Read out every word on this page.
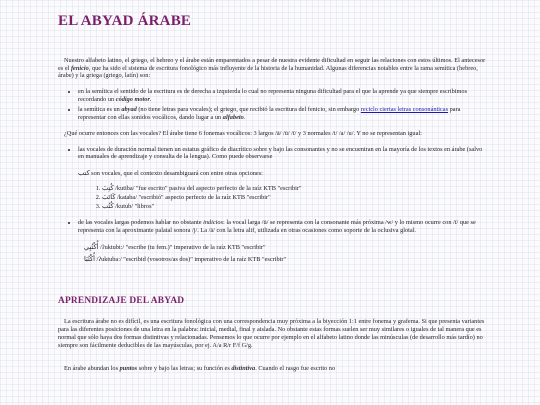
EL ABYAD ÁRABE

Nuestro alfabeto latino, el griego, el hebreo y el árabe están emparentados a pesar de nuestra evidente dificultad en seguir las relaciones con estos últimos. El antecesor es el fenicio, que ha sido el sistema de escritura fonológico más influyente de la historia de la humanidad. Algunas diferencias notables entre la rama semítica (hebreo, árabe) y la griega (griego, latín) son:

• en la semítica el sentido de la escritura es de derecha a izquierda lo cual no representa ninguna dificultad para el que la aprende ya que siempre escribimos recordando un código motor.
• la semítica es un abyad (no tiene letras para vocales); el griego, que recibió la escritura del fenicio, sin embargo reciclo ciertas letras consonánticas para representar con ellas sonidos vocálicos, dando lugar a un alfabeto.

¿Qué ocurre entonces con las vocales? El árabe tiene 6 fonemas vocálicos: 3 largos /ā/ /ū/ /ī/ y 3 normales /i/ /a/ /u/. Y no se representan igual:

• las vocales de duración normal tienen un estatus gráfico de diacrítico sobre y bajo las consonantes y no se encuentran en la mayoría de los textos en árabe (salvo en manuales de aprendizaje y consulta de la lengua). Como puede observarse

كتب son vocales, que el contexto desambiguará con entre otras opciones:

1. كُتِبَ /kutiba/ "fue escrito" pasiva del aspecto perfecto de la raíz KTB "escribir"
2. كَاتَبَ /kataba/ "escribió" aspecto perfecto de la raíz KTB "escribir"
3. كُتُب /kutub/ "libros"
• de las vocales largas podemos hablar no obstante indicios: la vocal larga /ū/ se representa con la consonante más próxima /w/ y lo mismo ocurre con /ī/ que se representa con la aproximante palatal sonora /j/. La /ā/ con la letra alif, utilizada en otras ocasiones como soporte de la oclusiva glotal.

أُكْتُبِي /ʔuktubi:/ "escribe (tu fem.)" imperativo de la raíz KTB "escribir"

أُكْتُبَا /ʔuktuba:/ "escribid (vosotros/as dos)" imperativo de la raíz KTB "escribir"

APRENDIZAJE DEL ABYAD

La escritura árabe no es difícil, es una escritura fonológica con una correspondencia muy próxima a la biyección 1:1 entre fonema y grafema. Si que presenta variantes para las diferentes posiciones de una letra en la palabra: inicial, medial, final y aislada. No obstante estas formas suelen ser muy similares o iguales de tal manera que es normal que sólo haya dos formas distintivas y relacionadas. Pensemos lo que ocurre por ejemplo en el alfabeto latino donde las minúsculas (de desarrollo más tardío) no siempre son fácilmente deducibles de las mayúsculas, por ej. A/a R/r F/f G/g.

En árabe abundan los puntos sobre y bajo las letras; su función es distintiva. Cuando el rasgo fue escrito no
